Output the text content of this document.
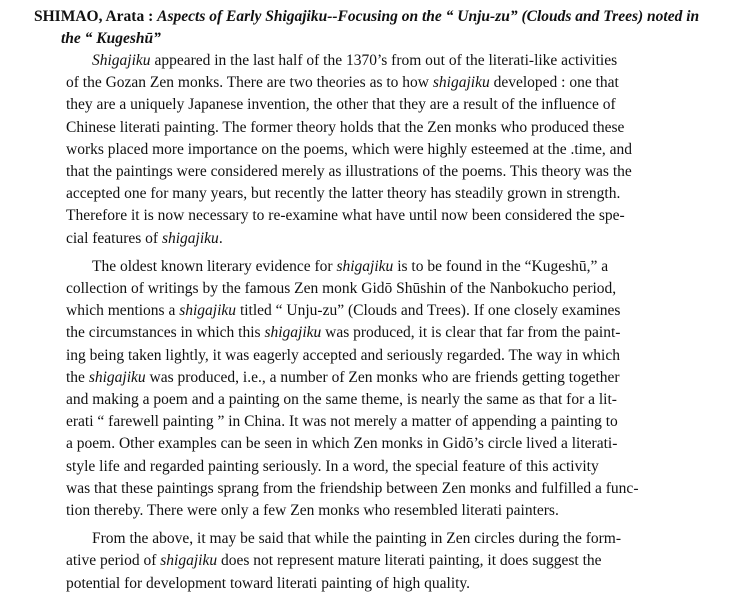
SHIMAO, Arata : Aspects of Early Shigajiku--Focusing on the “ Unju-zu” (Clouds and Trees) noted in
the “ Kugeshū”

Shigajiku appeared in the last half of the 1370’s from out of the literati-like activities
of the Gozan Zen monks. There are two theories as to how shigajiku developed : one that
they are a uniquely Japanese invention, the other that they are a result of the influence of
Chinese literati painting. The former theory holds that the Zen monks who produced these
works placed more importance on the poems, which were highly esteemed at the .time, and
that the paintings were considered merely as illustrations of the poems. This theory was the
accepted one for many years, but recently the latter theory has steadily grown in strength.
Therefore it is now necessary to re-examine what have until now been considered the spe-
cial features of shigajiku.

The oldest known literary evidence for shigajiku is to be found in the “Kugeshū,” a
collection of writings by the famous Zen monk Gidō Shūshin of the Nanbokucho period,
which mentions a shigajiku titled “ Unju-zu” (Clouds and Trees). If one closely examines
the circumstances in which this shigajiku was produced, it is clear that far from the paint-
ing being taken lightly, it was eagerly accepted and seriously regarded. The way in which
the shigajiku was produced, i.e., a number of Zen monks who are friends getting together
and making a poem and a painting on the same theme, is nearly the same as that for a lit-
erati “ farewell painting ” in China. It was not merely a matter of appending a painting to
a poem. Other examples can be seen in which Zen monks in Gidō’s circle lived a literati-
style life and regarded painting seriously. In a word, the special feature of this activity
was that these paintings sprang from the friendship between Zen monks and fulfilled a func-
tion thereby. There were only a few Zen monks who resembled literati painters.

From the above, it may be said that while the painting in Zen circles during the form-
ative period of shigajiku does not represent mature literati painting, it does suggest the
potential for development toward literati painting of high quality.
